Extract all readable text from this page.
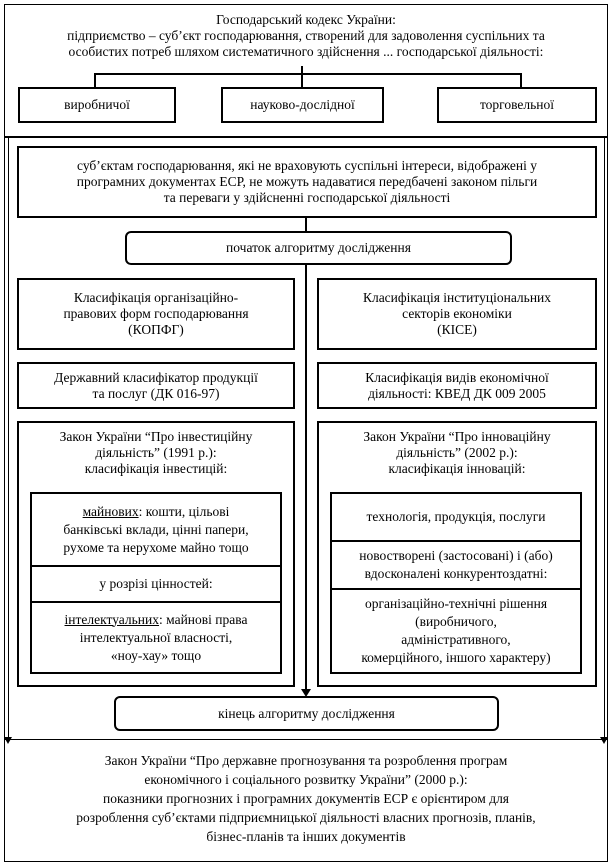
Господарський кодекс України:
підприємство – суб’єкт господарювання, створений для задоволення суспільних та
особистих потреб шляхом систематичного здійснення ... господарської діяльності:
виробничої	науково-дослідної	торговельної
суб’єктам господарювання, які не враховують суспільні інтереси, відображені у
програмних документах ЕСР, не можуть надаватися передбачені законом пільги
та переваги у здійсненні господарської діяльності
початок алгоритму дослідження
Класифікація організаційно-
правових форм господарювання
(КОПФГ)
Класифікація інституціональних
секторів економіки
(КІСЕ)
Державний класифікатор продукції
та послуг (ДК 016-97)
Класифікація видів економічної
діяльності: КВЕД ДК 009 2005
Закон України “Про інвестиційну
діяльність” (1991 р.):
класифікація інвестицій:
майнових: кошти, цільові
банківські вклади, цінні папери,
рухоме та нерухоме майно тощо
у розрізі цінностей:
інтелектуальних: майнові права
інтелектуальної власності,
«ноу-хау» тощо
Закон України “Про інноваційну
діяльність” (2002 р.):
класифікація інновацій:
технологія, продукція, послуги
новостворені (застосовані) і (або)
вдосконалені конкурентоздатні:
організаційно-технічні рішення
(виробничого,
адміністративного,
комерційного, іншого характеру)
кінець алгоритму дослідження
Закон України “Про державне прогнозування та розроблення програм
економічного і соціального розвитку України” (2000 р.):
показники прогнозних і програмних документів ЕСР є орієнтиром для
розроблення суб’єктами підприємницької діяльності власних прогнозів, планів,
бізнес-планів та інших документів
